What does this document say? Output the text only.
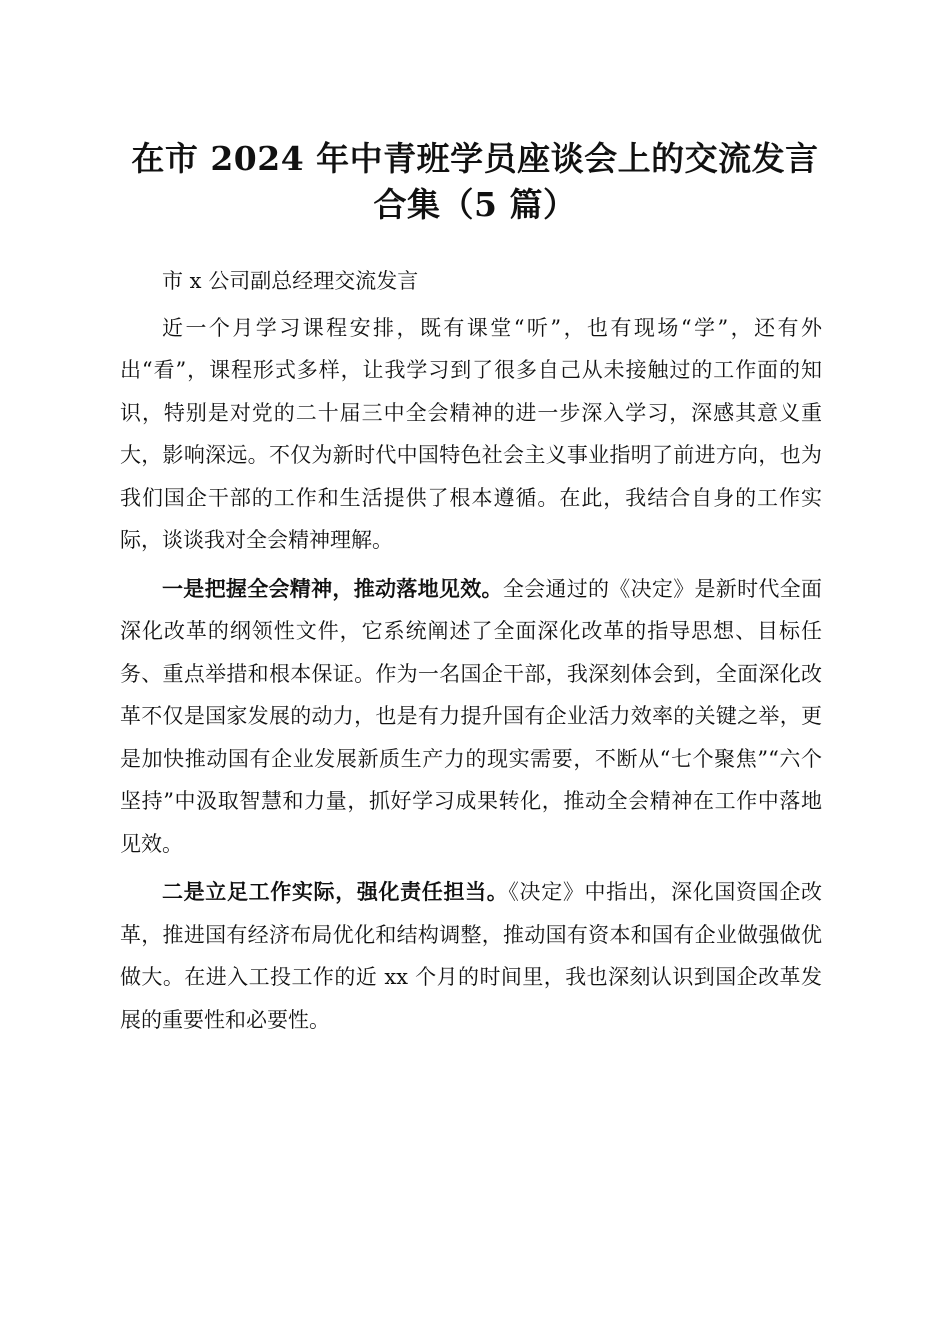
在市 2024 年中青班学员座谈会上的交流发言
合集（5 篇）

市 x 公司副总经理交流发言

近一个月学习课程安排，既有课堂“听”，也有现场“学”，还有外出“看”，课程形式多样，让我学习到了很多自己从未接触过的工作面的知识，特别是对党的二十届三中全会精神的进一步深入学习，深感其意义重大，影响深远。不仅为新时代中国特色社会主义事业指明了前进方向，也为我们国企干部的工作和生活提供了根本遵循。在此，我结合自身的工作实际，谈谈我对全会精神理解。

一是把握全会精神，推动落地见效。全会通过的《决定》是新时代全面深化改革的纲领性文件，它系统阐述了全面深化改革的指导思想、目标任务、重点举措和根本保证。作为一名国企干部，我深刻体会到，全面深化改革不仅是国家发展的动力，也是有力提升国有企业活力效率的关键之举，更是加快推动国有企业发展新质生产力的现实需要，不断从“七个聚焦”“六个坚持”中汲取智慧和力量，抓好学习成果转化，推动全会精神在工作中落地见效。

二是立足工作实际，强化责任担当。《决定》中指出，深化国资国企改革，推进国有经济布局优化和结构调整，推动国有资本和国有企业做强做优做大。在进入工投工作的近 xx 个月的时间里，我也深刻认识到国企改革发展的重要性和必要性。
